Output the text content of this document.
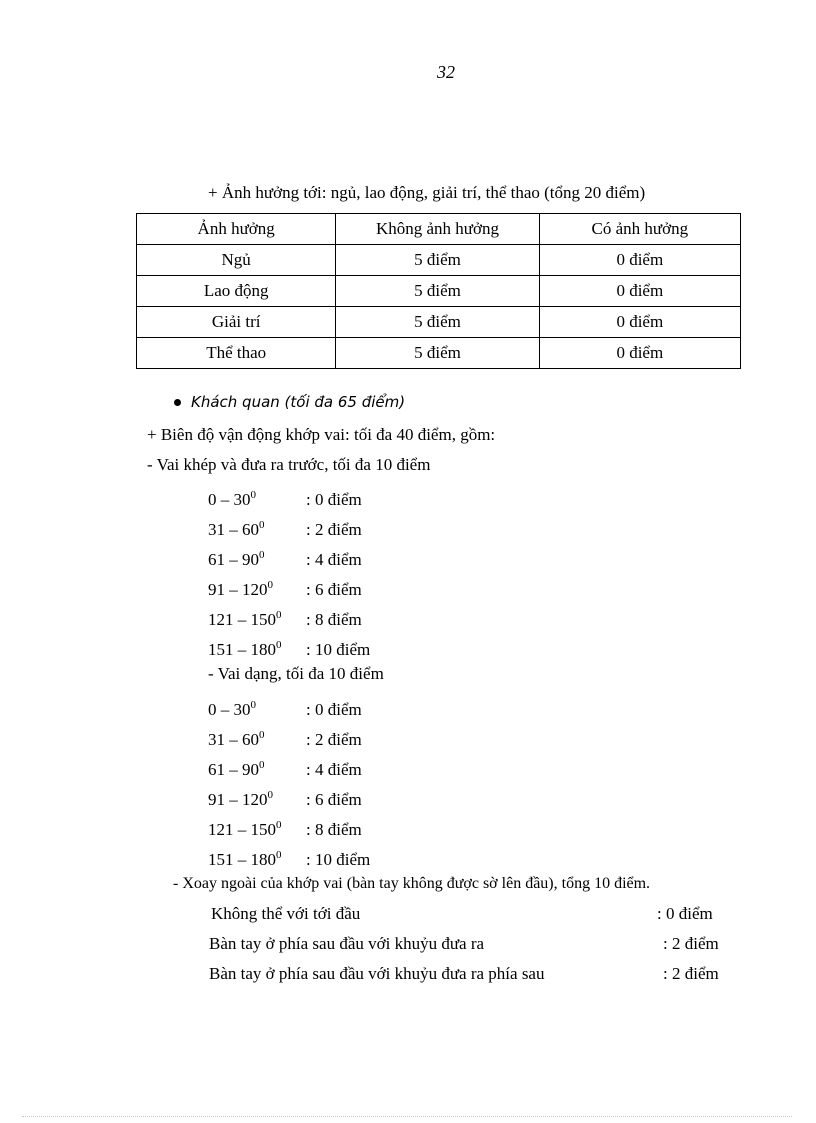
32
+ Ảnh hưởng tới: ngủ, lao động, giải trí, thể thao (tổng 20 điểm)
Ảnh hưởng	Không ảnh hưởng	Có ảnh hưởng
Ngủ	5 điểm	0 điểm
Lao động	5 điểm	0 điểm
Giải trí	5 điểm	0 điểm
Thể thao	5 điểm	0 điểm
Khách quan (tối đa 65 điểm)
+ Biên độ vận động khớp vai: tối đa 40 điểm, gồm:
- Vai khép và đưa ra trước, tối đa 10 điểm
$0 - 30^0$	: 0 điểm
$31 - 60^0$ : 2 điểm
$61 - 90^0$ : 4 điểm
$91 - 120^0$ : 6 điểm
$121 - 150^0$ : 8 điểm
$151 - 180^0$ : 10 điểm
- Vai dạng, tối đa 10 điểm
$0 - 30^0$	: 0 điểm
$31 - 60^0$ : 2 điểm
$61 - 90^0$ : 4 điểm
$91 - 120^0$ : 6 điểm
$121 - 150^0$ : 8 điểm
$151 - 180^0$ : 10 điểm
- Xoay ngoài của khớp vai (bàn tay không được sờ lên đầu), tổng 10 điểm.
Không thể với tới đầu	: 0 điểm
Bàn tay ở phía sau đầu với khuỷu đưa ra	: 2 điểm
Bàn tay ở phía sau đầu với khuỷu đưa ra phía sau	: 2 điểm
